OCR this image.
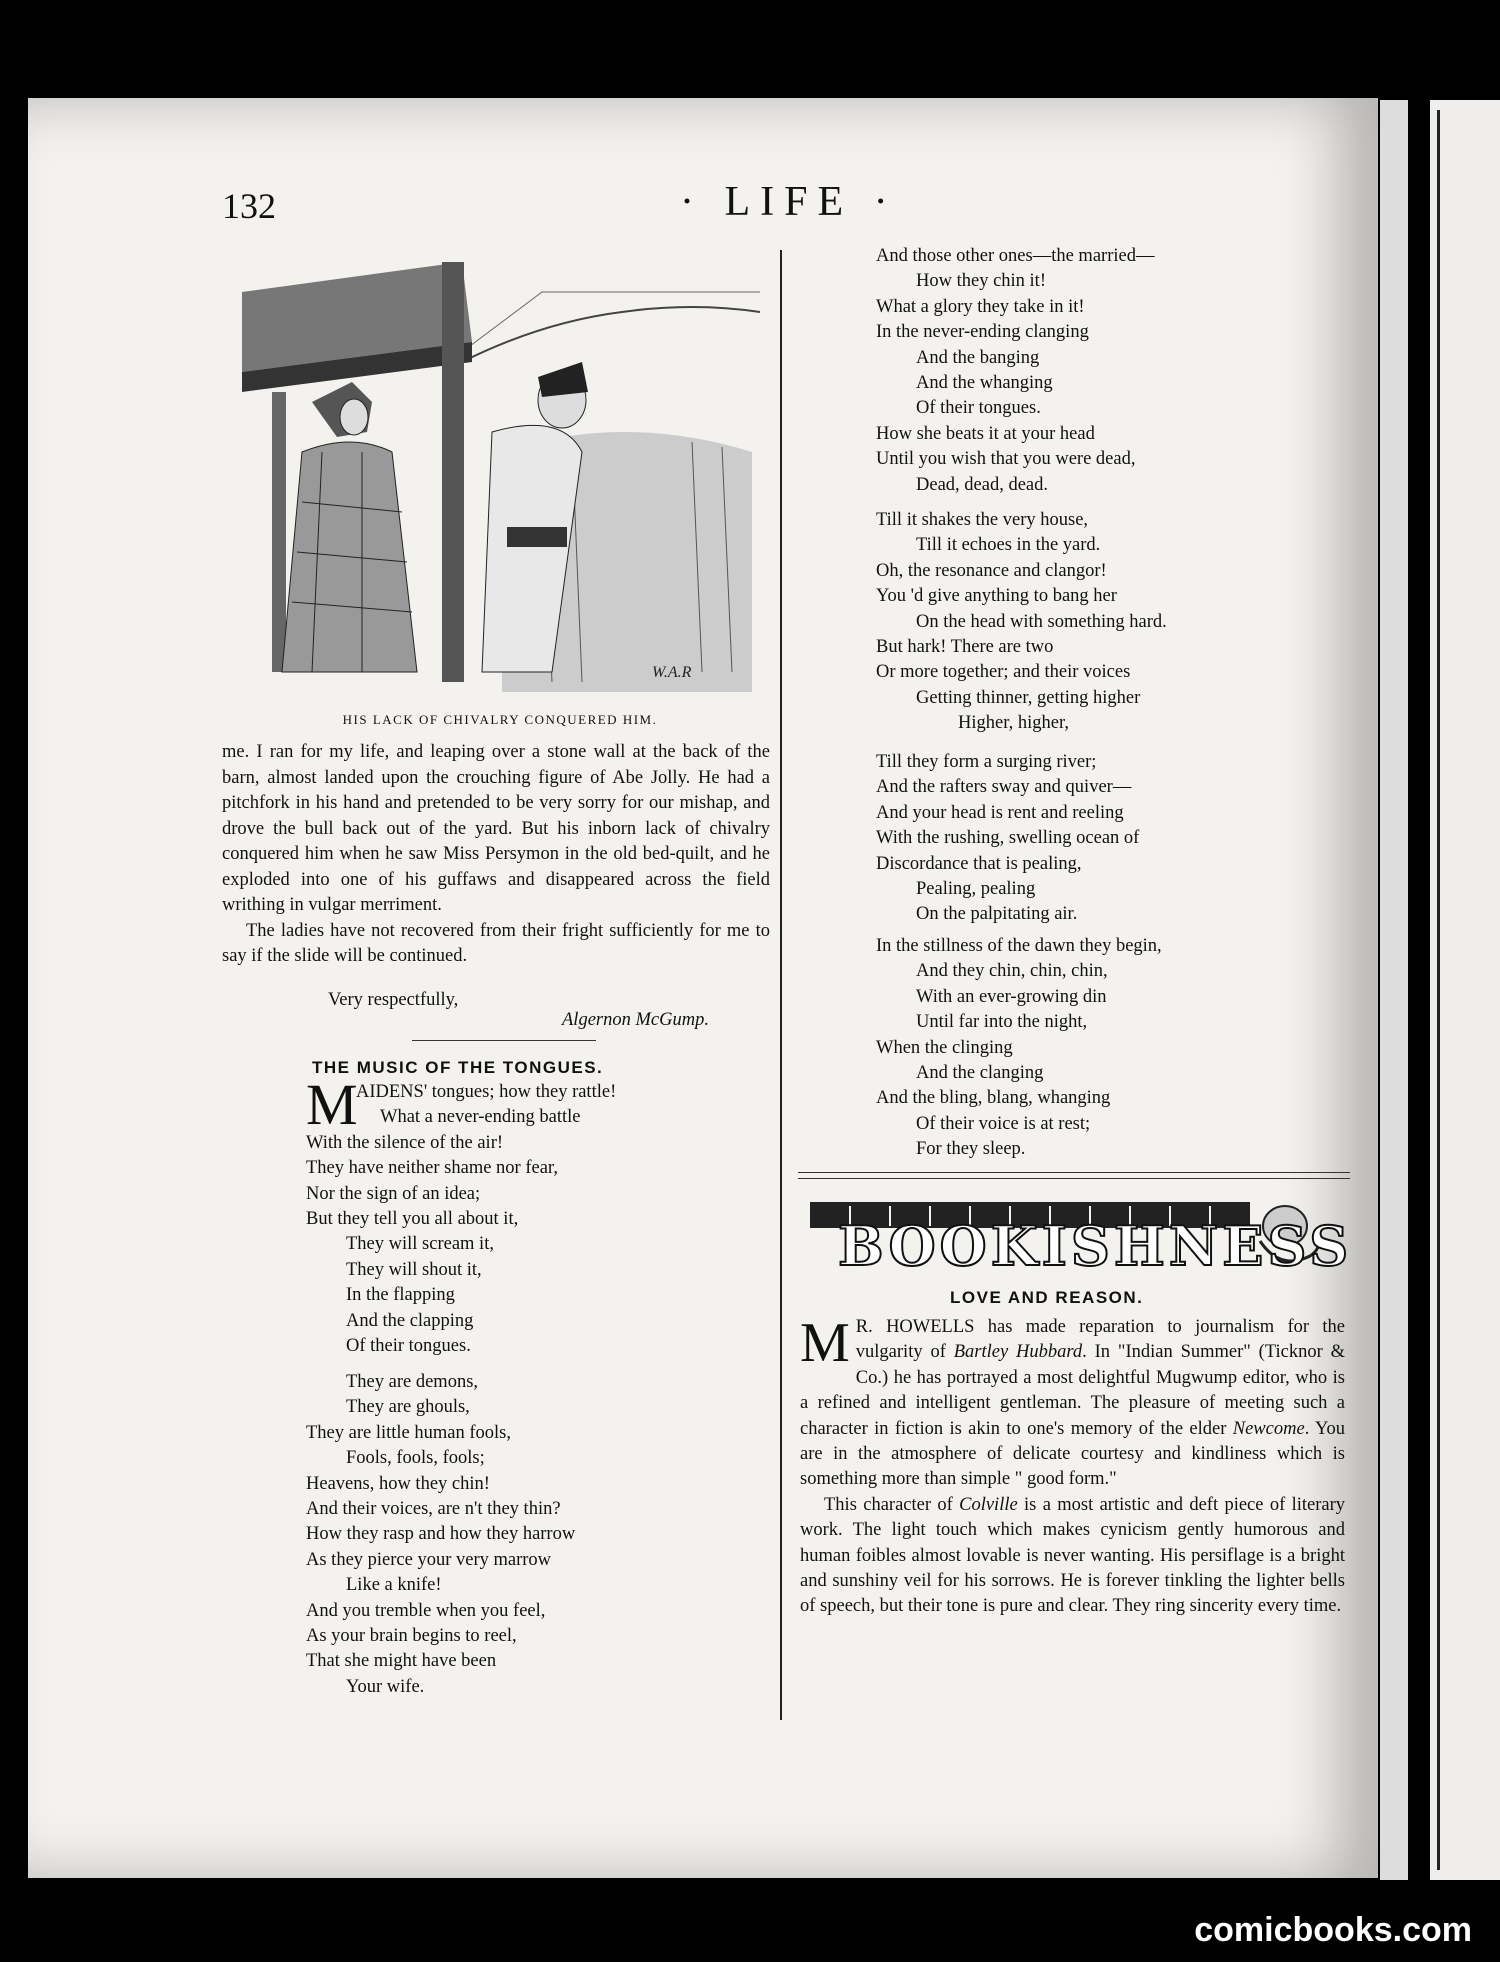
132	· LIFE ·
W.A.R
HIS LACK OF CHIVALRY CONQUERED HIM.

me. I ran for my life, and leaping over a stone wall at the back of the barn, almost landed upon the crouching figure of Abe Jolly. He had a pitchfork in his hand and pretended to be very sorry for our mishap, and drove the bull back out of the yard. But his inborn lack of chivalry conquered him when he saw Miss Persymon in the old bed-quilt, and he exploded into one of his guffaws and disappeared across the field writhing in vulgar merriment.

The ladies have not recovered from their fright sufficiently for me to say if the slide will be continued.

Very respectfully,
Algernon McGump.
THE MUSIC OF THE TONGUES.
M
AIDENS' tongues; how they rattle!
What a never-ending battle
With the silence of the air!
They have neither shame nor fear,
Nor the sign of an idea;
But they tell you all about it,
They will scream it,
They will shout it,
In the flapping
And the clapping
Of their tongues.
They are demons,
They are ghouls,
They are little human fools,
Fools, fools, fools;
Heavens, how they chin!
And their voices, are n't they thin?
How they rasp and how they harrow
As they pierce your very marrow
Like a knife!
And you tremble when you feel,
As your brain begins to reel,
That she might have been
Your wife.
And those other ones—the married—
How they chin it!
What a glory they take in it!
In the never-ending clanging
And the banging
And the whanging
Of their tongues.
How she beats it at your head
Until you wish that you were dead,
Dead, dead, dead.
Till it shakes the very house,
Till it echoes in the yard.
Oh, the resonance and clangor!
You 'd give anything to bang her
On the head with something hard.
But hark! There are two
Or more together; and their voices
Getting thinner, getting higher
Higher, higher,
Till they form a surging river;
And the rafters sway and quiver—
And your head is rent and reeling
With the rushing, swelling ocean of
Discordance that is pealing,
Pealing, pealing
On the palpitating air.
In the stillness of the dawn they begin,
And they chin, chin, chin,
With an ever-growing din
Until far into the night,
When the clinging
And the clanging
And the bling, blang, whanging
Of their voice is at rest;
For they sleep.
BOOKISHNESS
LOVE AND REASON.

M R. HOWELLS has made reparation to journalism for the vulgarity of Bartley Hubbard. In "Indian Summer" (Ticknor & Co.) he has portrayed a most delightful Mugwump editor, who is a refined and intelligent gentleman. The pleasure of meeting such a character in fiction is akin to one's memory of the elder Newcome. You are in the atmosphere of delicate courtesy and kindliness which is something more than simple " good form."

This character of Colville is a most artistic and deft piece of literary work. The light touch which makes cynicism gently humorous and human foibles almost lovable is never wanting. His persiflage is a bright and sunshiny veil for his sorrows. He is forever tinkling the lighter bells of speech, but their tone is pure and clear. They ring sincerity every time.

comicbooks.com
